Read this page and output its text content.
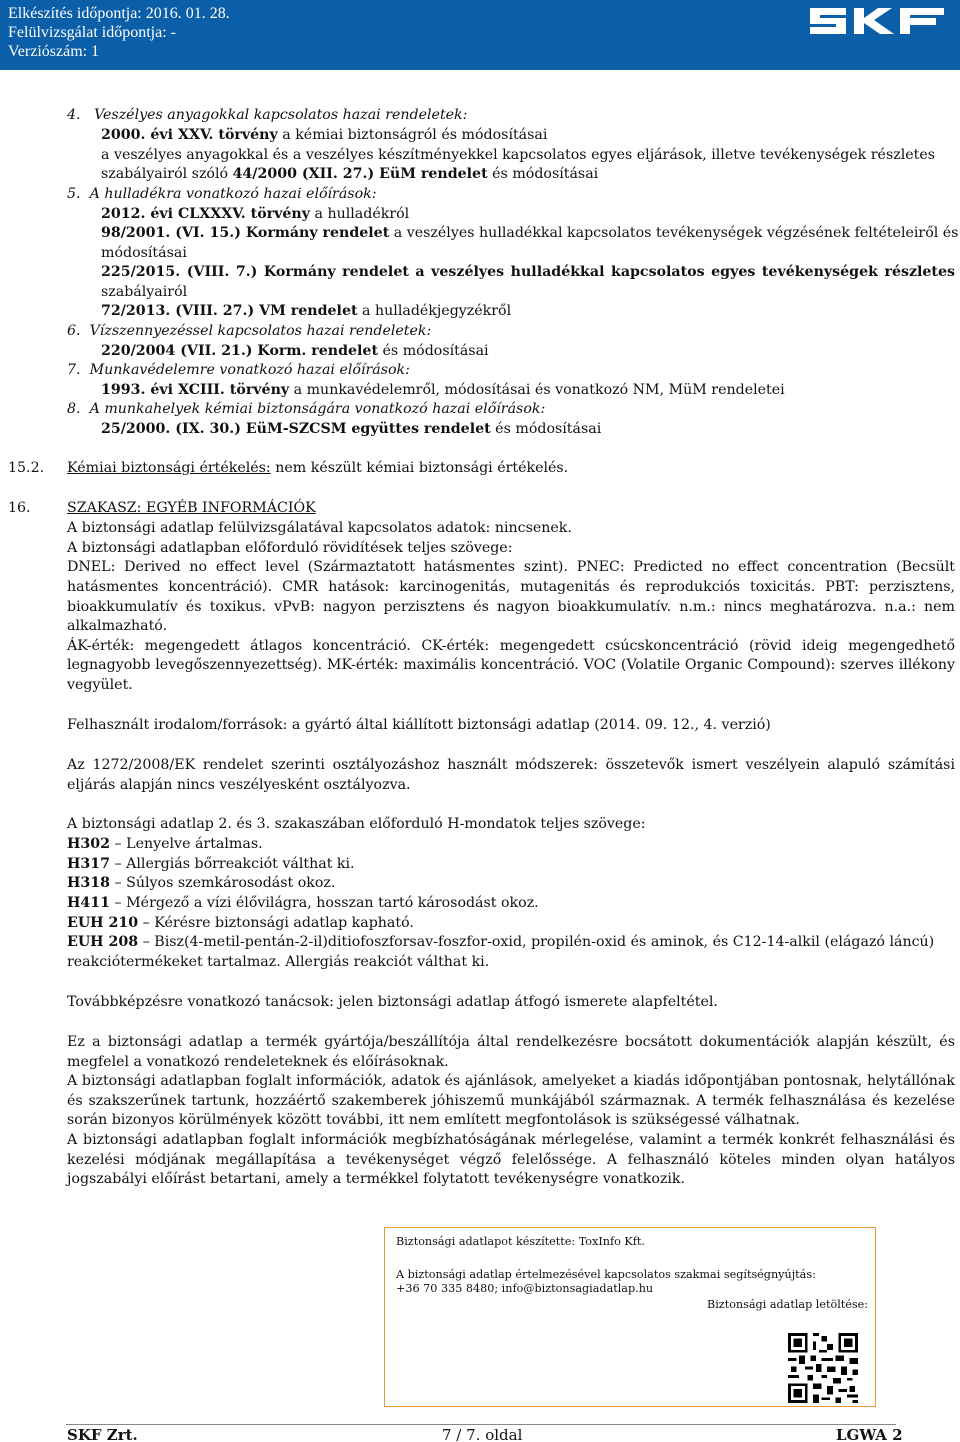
Elkészítés időpontja: 2016. 01. 28.
Felülvizsgálat időpontja: -
Verziószám: 1
4.   Veszélyes anyagokkal kapcsolatos hazai rendeletek:
2000. évi XXV. törvény a kémiai biztonságról és módosításai
a veszélyes anyagokkal és a veszélyes készítményekkel kapcsolatos egyes eljárások, illetve tevékenységek részletes
szabályairól szóló 44/2000 (XII. 27.) EüM rendelet és módosításai
5.  A hulladékra vonatkozó hazai előírások:
2012. évi CLXXXV. törvény a hulladékról
98/2001. (VI. 15.) Kormány rendelet a veszélyes hulladékkal kapcsolatos tevékenységek végzésének feltételeiről és
módosításai
225/2015. (VIII. 7.) Kormány rendelet a veszélyes hulladékkal kapcsolatos egyes tevékenységek részletes
szabályairól
72/2013. (VIII. 27.) VM rendelet a hulladékjegyzékről
6.  Vízszennyezéssel kapcsolatos hazai rendeletek:
220/2004 (VII. 21.) Korm. rendelet és módosításai
7.  Munkavédelemre vonatkozó hazai előírások:
1993. évi XCIII. törvény a munkavédelemről, módosításai és vonatkozó NM, MüM rendeletei
8.  A munkahelyek kémiai biztonságára vonatkozó hazai előírások:
25/2000. (IX. 30.) EüM-SZCSM együttes rendelet és módosításai
15.2. Kémiai biztonsági értékelés: nem készült kémiai biztonsági értékelés.
16.	SZAKASZ: EGYÉB INFORMÁCIÓK
A biztonsági adatlap felülvizsgálatával kapcsolatos adatok: nincsenek.
A biztonsági adatlapban előforduló rövidítések teljes szövege:
DNEL: Derived no effect level (Származtatott hatásmentes szint). PNEC: Predicted no effect concentration (Becsült
hatásmentes koncentráció). CMR hatások: karcinogenitás, mutagenitás és reprodukciós toxicitás. PBT: perzisztens,
bioakkumulatív és toxikus. vPvB: nagyon perzisztens és nagyon bioakkumulatív. n.m.: nincs meghatározva. n.a.: nem
alkalmazható.
ÁK-érték: megengedett átlagos koncentráció. CK-érték: megengedett csúcskoncentráció (rövid ideig megengedhető
legnagyobb levegőszennyezettség). MK-érték: maximális koncentráció. VOC (Volatile Organic Compound): szerves illékony
vegyület.
Felhasznált irodalom/források: a gyártó által kiállított biztonsági adatlap (2014. 09. 12., 4. verzió)
Az 1272/2008/EK rendelet szerinti osztályozáshoz használt módszerek: összetevők ismert veszélyein alapuló számítási
eljárás alapján nincs veszélyesként osztályozva.
A biztonsági adatlap 2. és 3. szakaszában előforduló H-mondatok teljes szövege:
H302 – Lenyelve ártalmas.
H317 – Allergiás bőrreakciót válthat ki.
H318 – Súlyos szemkárosodást okoz.
H411 – Mérgező a vízi élővilágra, hosszan tartó károsodást okoz.
EUH 210 – Kérésre biztonsági adatlap kapható.
EUH 208 – Bisz(4-metil-pentán-2-il)ditiofoszforsav-foszfor-oxid, propilén-oxid és aminok, és C12-14-alkil (elágazó láncú)
reakciótermékeket tartalmaz. Allergiás reakciót válthat ki.
Továbbképzésre vonatkozó tanácsok: jelen biztonsági adatlap átfogó ismerete alapfeltétel.
Ez a biztonsági adatlap a termék gyártója/beszállítója által rendelkezésre bocsátott dokumentációk alapján készült, és
megfelel a vonatkozó rendeleteknek és előírásoknak.
A biztonsági adatlapban foglalt információk, adatok és ajánlások, amelyeket a kiadás időpontjában pontosnak, helytállónak
és szakszerűnek tartunk, hozzáértő szakemberek jóhiszemű munkájából származnak. A termék felhasználása és kezelése
során bizonyos körülmények között további, itt nem említett megfontolások is szükségessé válhatnak.
A biztonsági adatlapban foglalt információk megbízhatóságának mérlegelése, valamint a termék konkrét felhasználási és
kezelési módjának megállapítása a tevékenységet végző felelőssége. A felhasználó köteles minden olyan hatályos
jogszabályi előírást betartani, amely a termékkel folytatott tevékenységre vonatkozik.
Biztonsági adatlapot készítette: ToxInfo Kft.
A biztonsági adatlap értelmezésével kapcsolatos szakmai segítségnyújtás:
+36 70 335 8480; info@biztonsagiadatlap.hu
Biztonsági adatlap letöltése:
SKF Zrt.	7 / 7. oldal	LGWA 2
